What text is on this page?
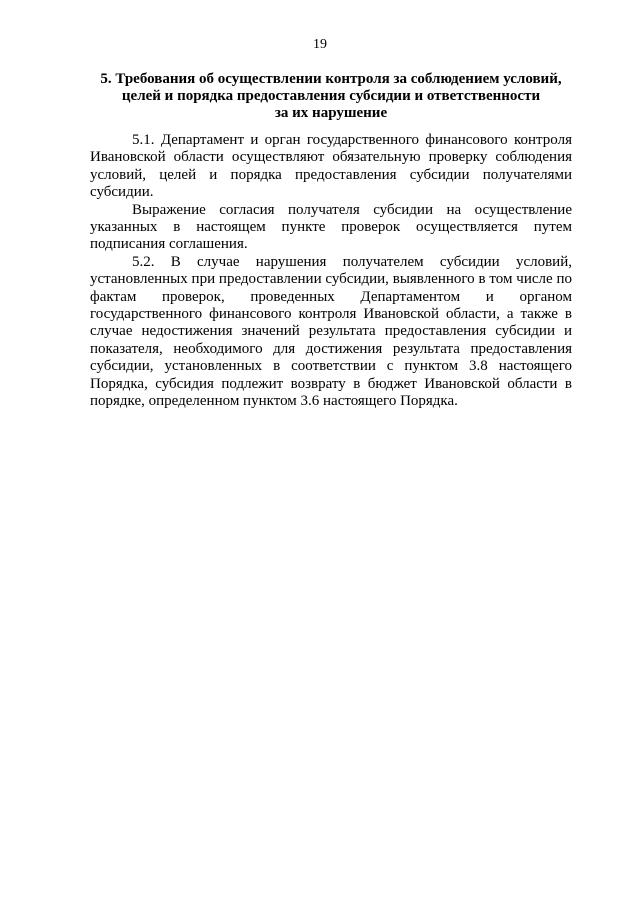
19
5. Требования об осуществлении контроля за соблюдением условий,
целей и порядка предоставления субсидии и ответственности
за их нарушение

5.1. Департамент и орган государственного финансового контроля Ивановской области осуществляют обязательную проверку соблюдения условий, целей и порядка предоставления субсидии получателями субсидии.

Выражение согласия получателя субсидии на осуществление указанных в настоящем пункте проверок осуществляется путем подписания соглашения.

5.2. В случае нарушения получателем субсидии условий, установленных при предоставлении субсидии, выявленного в том числе по фактам проверок, проведенных Департаментом и органом государственного финансового контроля Ивановской области, а также в случае недостижения значений результата предоставления субсидии и показателя, необходимого для достижения результата предоставления субсидии, установленных в соответствии с пунктом 3.8 настоящего Порядка, субсидия подлежит возврату в бюджет Ивановской области в порядке, определенном пунктом 3.6 настоящего Порядка.
